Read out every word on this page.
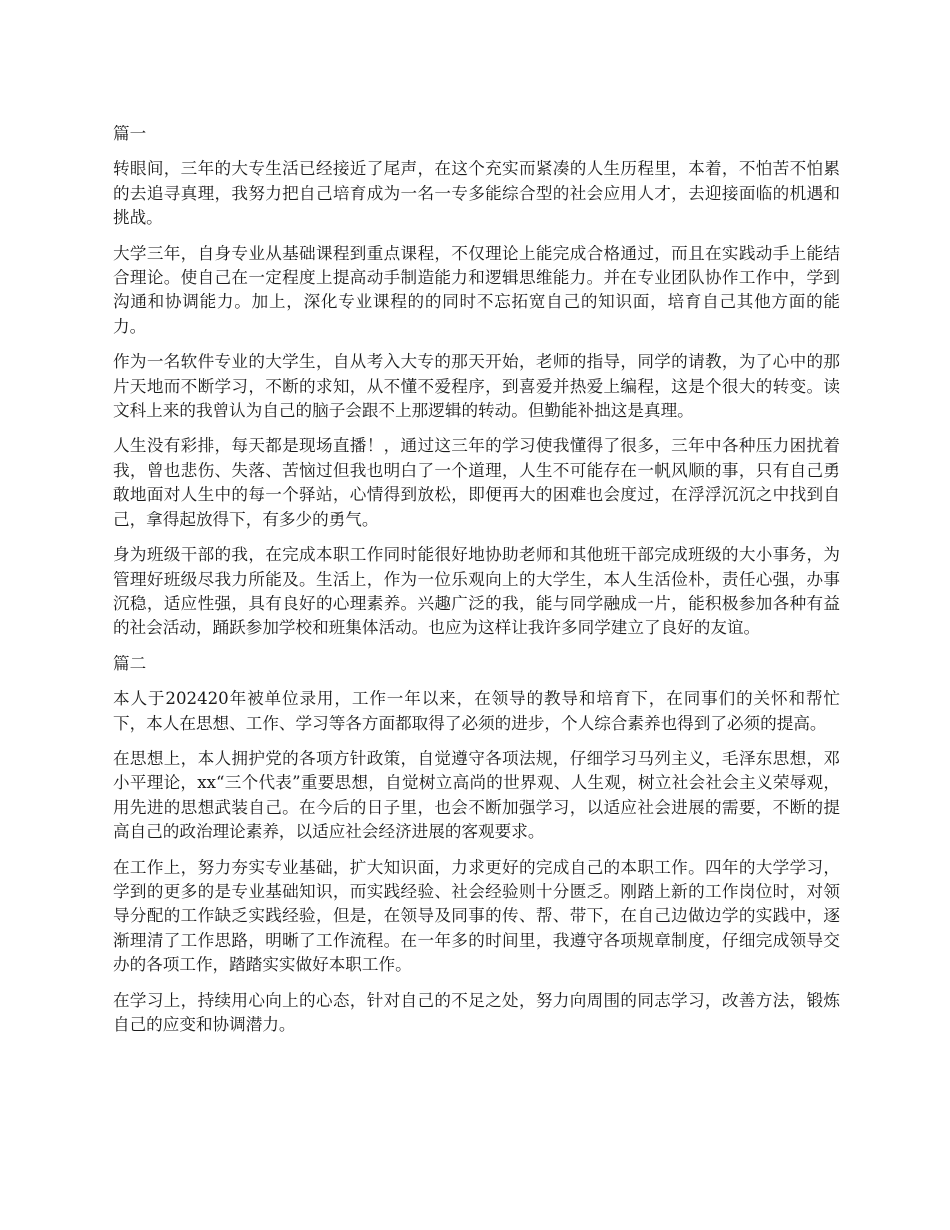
篇一

转眼间，三年的大专生活已经接近了尾声，在这个充实而紧凑的人生历程里，本着，不怕苦不怕累的去追寻真理，我努力把自己培育成为一名一专多能综合型的社会应用人才，去迎接面临的机遇和挑战。

大学三年，自身专业从基础课程到重点课程，不仅理论上能完成合格通过，而且在实践动手上能结合理论。使自己在一定程度上提高动手制造能力和逻辑思维能力。并在专业团队协作工作中，学到沟通和协调能力。加上，深化专业课程的的同时不忘拓宽自己的知识面，培育自己其他方面的能力。

作为一名软件专业的大学生，自从考入大专的那天开始，老师的指导，同学的请教，为了心中的那片天地而不断学习，不断的求知，从不懂不爱程序，到喜爱并热爱上编程，这是个很大的转变。读文科上来的我曾认为自己的脑子会跟不上那逻辑的转动。但勤能补拙这是真理。

人生没有彩排，每天都是现场直播！，通过这三年的学习使我懂得了很多，三年中各种压力困扰着我，曾也悲伤、失落、苦恼过但我也明白了一个道理，人生不可能存在一帆风顺的事，只有自己勇敢地面对人生中的每一个驿站，心情得到放松，即便再大的困难也会度过，在浮浮沉沉之中找到自己，拿得起放得下，有多少的勇气。

身为班级干部的我，在完成本职工作同时能很好地协助老师和其他班干部完成班级的大小事务，为管理好班级尽我力所能及。生活上，作为一位乐观向上的大学生，本人生活俭朴，责任心强，办事沉稳，适应性强，具有良好的心理素养。兴趣广泛的我，能与同学融成一片，能积极参加各种有益的社会活动，踊跃参加学校和班集体活动。也应为这样让我许多同学建立了良好的友谊。

篇二

本人于202420年被单位录用，工作一年以来，在领导的教导和培育下，在同事们的关怀和帮忙下，本人在思想、工作、学习等各方面都取得了必须的进步，个人综合素养也得到了必须的提高。

在思想上，本人拥护党的各项方针政策，自觉遵守各项法规，仔细学习马列主义，毛泽东思想，邓小平理论，xx“三个代表”重要思想，自觉树立高尚的世界观、人生观，树立社会社会主义荣辱观，用先进的思想武装自己。在今后的日子里，也会不断加强学习，以适应社会进展的需要，不断的提高自己的政治理论素养，以适应社会经济进展的客观要求。

在工作上，努力夯实专业基础，扩大知识面，力求更好的完成自己的本职工作。四年的大学学习，学到的更多的是专业基础知识，而实践经验、社会经验则十分匮乏。刚踏上新的工作岗位时，对领导分配的工作缺乏实践经验，但是，在领导及同事的传、帮、带下，在自己边做边学的实践中，逐渐理清了工作思路，明晰了工作流程。在一年多的时间里，我遵守各项规章制度，仔细完成领导交办的各项工作，踏踏实实做好本职工作。

在学习上，持续用心向上的心态，针对自己的不足之处，努力向周围的同志学习，改善方法，锻炼自己的应变和协调潜力。
